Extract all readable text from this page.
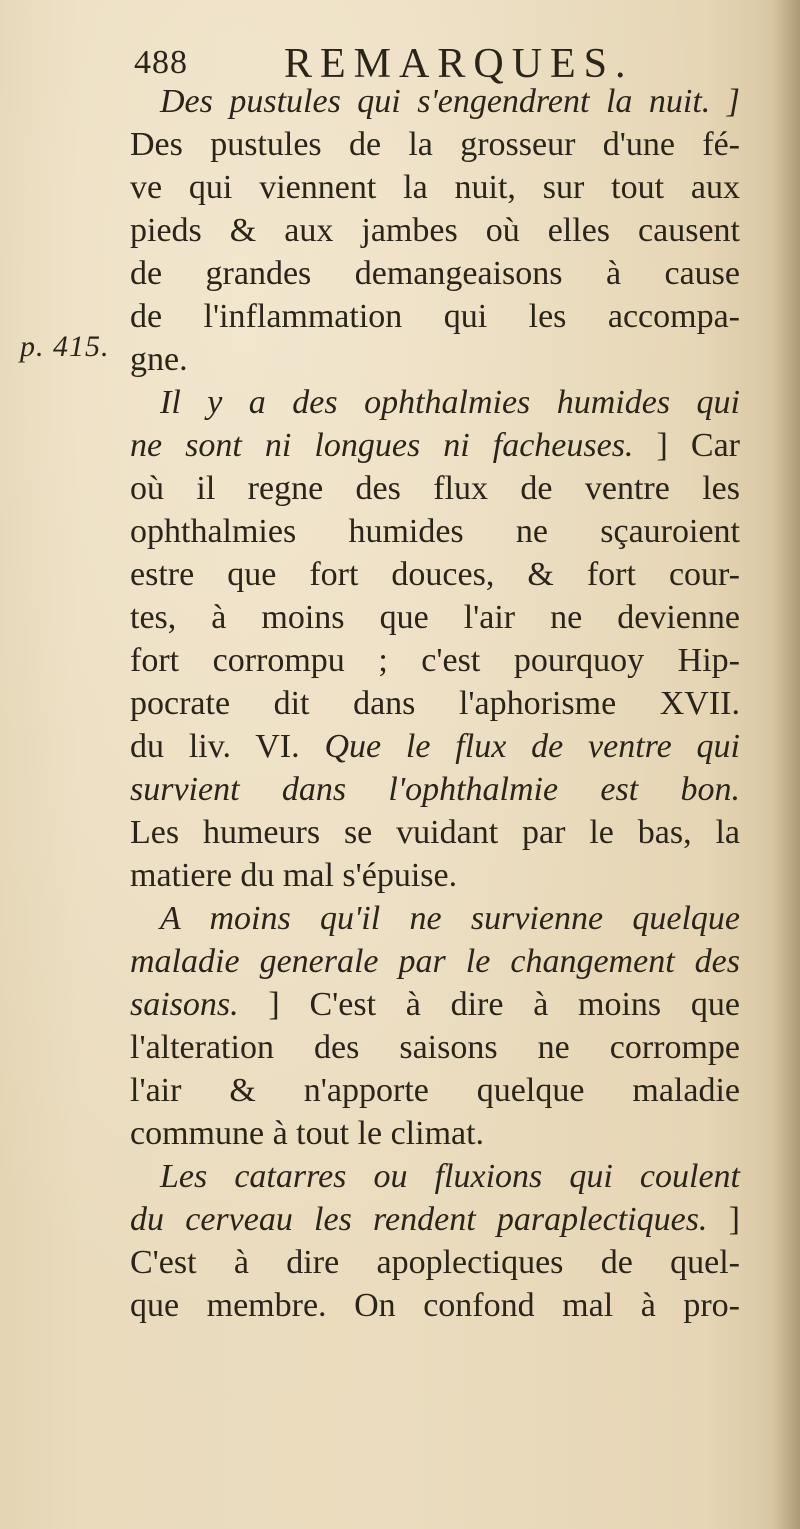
488 REMARQUES.
p. 415.
Des pustules qui s'engendrent la nuit. ]
Des pustules de la grosseur d'une fé-
ve qui viennent la nuit, sur tout aux
pieds & aux jambes où elles causent
de grandes demangeaisons à cause
de l'inflammation qui les accompa-
gne.
Il y a des ophthalmies humides qui
ne sont ni longues ni facheuses. ] Car
où il regne des flux de ventre les
ophthalmies humides ne sçauroient
estre que fort douces, & fort cour-
tes, à moins que l'air ne devienne
fort corrompu ; c'est pourquoy Hip-
pocrate dit dans l'aphorisme XVII.
du liv. VI. Que le flux de ventre qui
survient dans l'ophthalmie est bon.
Les humeurs se vuidant par le bas, la
matiere du mal s'épuise.
A moins qu'il ne survienne quelque
maladie generale par le changement des
saisons. ] C'est à dire à moins que
l'alteration des saisons ne corrompe
l'air & n'apporte quelque maladie
commune à tout le climat.
Les catarres ou fluxions qui coulent
du cerveau les rendent paraplectiques. ]
C'est à dire apoplectiques de quel-
que membre. On confond mal à pro-
